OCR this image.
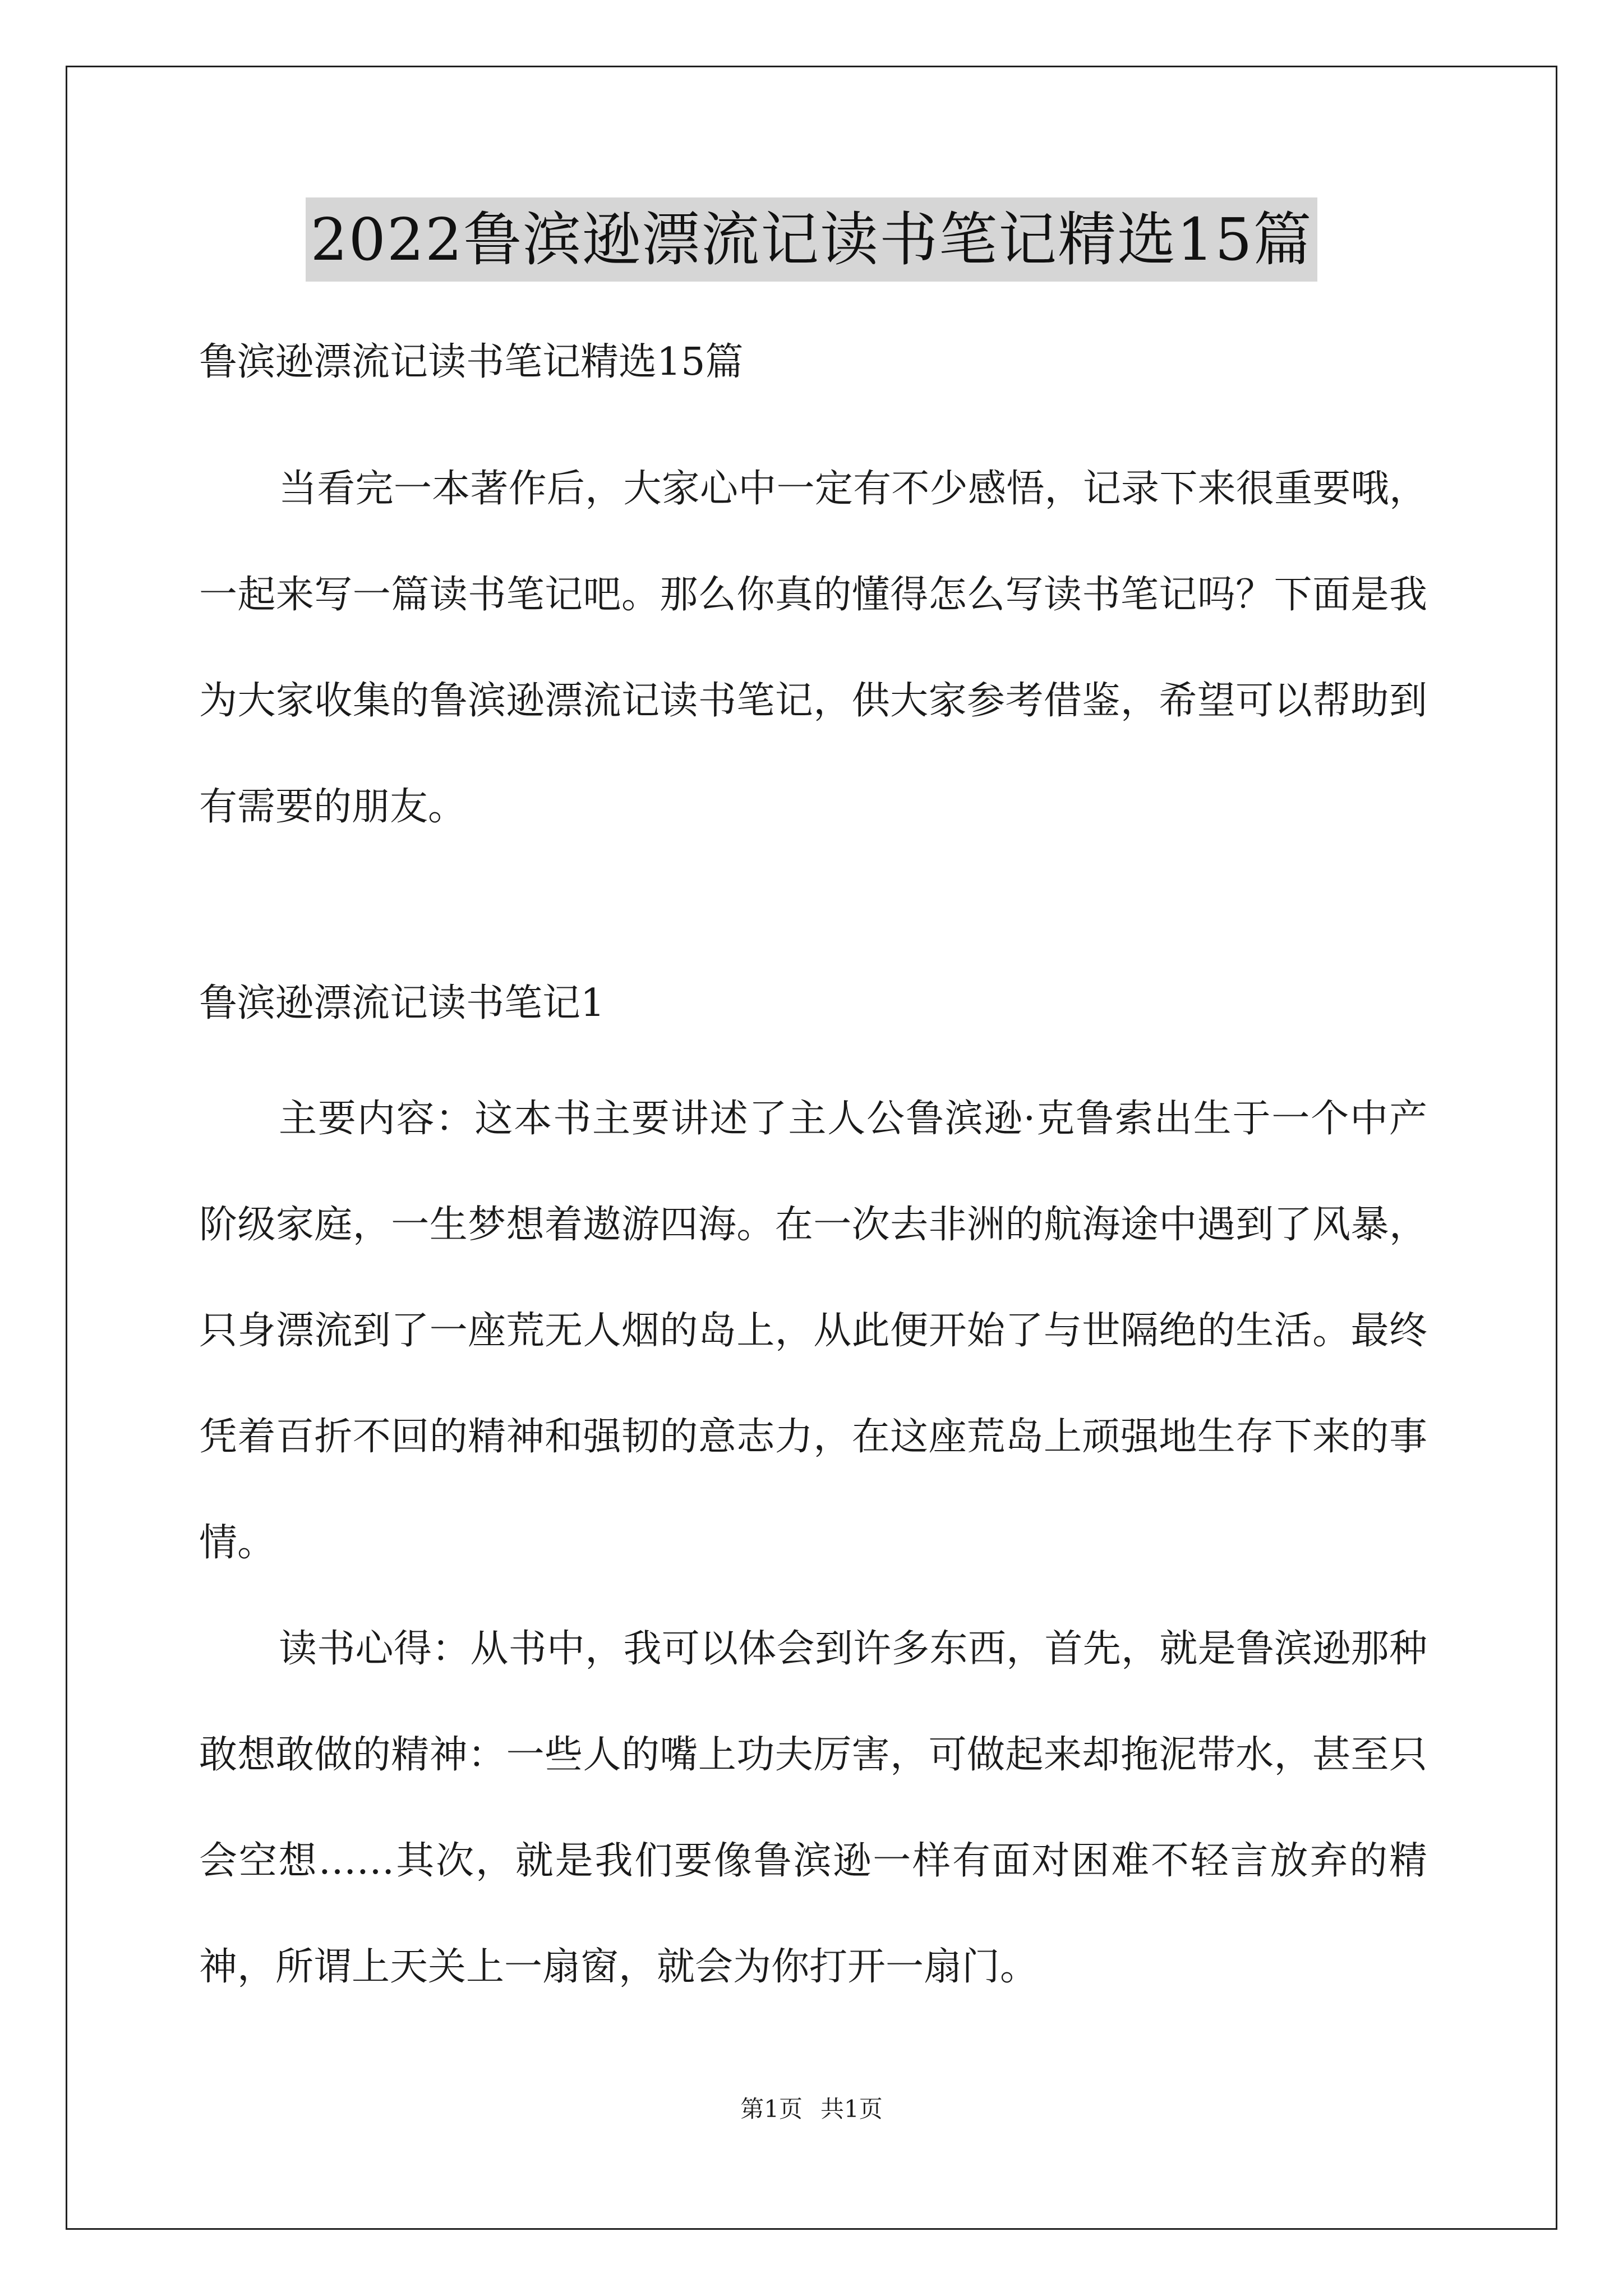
2022鲁滨逊漂流记读书笔记精选15篇

鲁滨逊漂流记读书笔记精选15篇

当看完一本著作后，大家心中一定有不少感悟，记录下来很重要哦，一起来写一篇读书笔记吧。那么你真的懂得怎么写读书笔记吗？下面是我为大家收集的鲁滨逊漂流记读书笔记，供大家参考借鉴，希望可以帮助到有需要的朋友。

鲁滨逊漂流记读书笔记1

主要内容：这本书主要讲述了主人公鲁滨逊·克鲁索出生于一个中产阶级家庭，一生梦想着遨游四海。在一次去非洲的航海途中遇到了风暴，只身漂流到了一座荒无人烟的岛上，从此便开始了与世隔绝的生活。最终凭着百折不回的精神和强韧的意志力，在这座荒岛上顽强地生存下来的事情。

读书心得：从书中，我可以体会到许多东西，首先，就是鲁滨逊那种敢想敢做的精神：一些人的嘴上功夫厉害，可做起来却拖泥带水，甚至只会空想……其次，就是我们要像鲁滨逊一样有面对困难不轻言放弃的精神，所谓上天关上一扇窗，就会为你打开一扇门。

第1页 共1页
